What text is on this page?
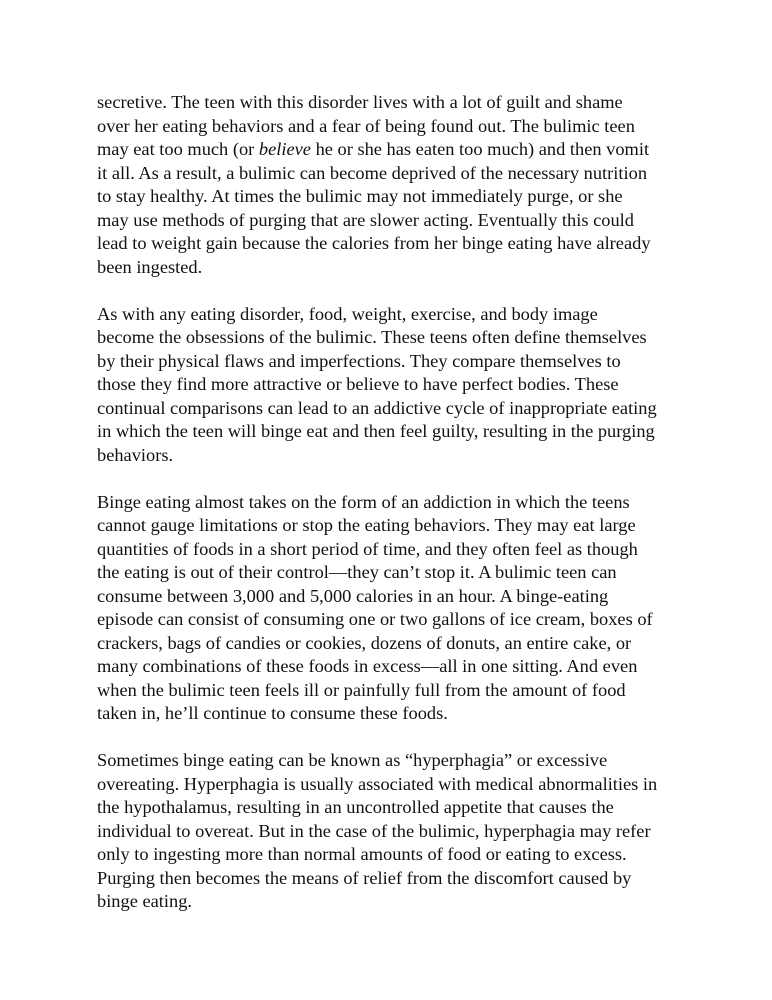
secretive. The teen with this disorder lives with a lot of guilt and shame
over her eating behaviors and a fear of being found out. The bulimic teen
may eat too much (or believe he or she has eaten too much) and then vomit
it all. As a result, a bulimic can become deprived of the necessary nutrition
to stay healthy. At times the bulimic may not immediately purge, or she
may use methods of purging that are slower acting. Eventually this could
lead to weight gain because the calories from her binge eating have already
been ingested.

As with any eating disorder, food, weight, exercise, and body image
become the obsessions of the bulimic. These teens often define themselves
by their physical flaws and imperfections. They compare themselves to
those they find more attractive or believe to have perfect bodies. These
continual comparisons can lead to an addictive cycle of inappropriate eating
in which the teen will binge eat and then feel guilty, resulting in the purging
behaviors.

Binge eating almost takes on the form of an addiction in which the teens
cannot gauge limitations or stop the eating behaviors. They may eat large
quantities of foods in a short period of time, and they often feel as though
the eating is out of their control—they can’t stop it. A bulimic teen can
consume between 3,000 and 5,000 calories in an hour. A binge-eating
episode can consist of consuming one or two gallons of ice cream, boxes of
crackers, bags of candies or cookies, dozens of donuts, an entire cake, or
many combinations of these foods in excess—all in one sitting. And even
when the bulimic teen feels ill or painfully full from the amount of food
taken in, he’ll continue to consume these foods.

Sometimes binge eating can be known as “hyperphagia” or excessive
overeating. Hyperphagia is usually associated with medical abnormalities in
the hypothalamus, resulting in an uncontrolled appetite that causes the
individual to overeat. But in the case of the bulimic, hyperphagia may refer
only to ingesting more than normal amounts of food or eating to excess.
Purging then becomes the means of relief from the discomfort caused by
binge eating.
